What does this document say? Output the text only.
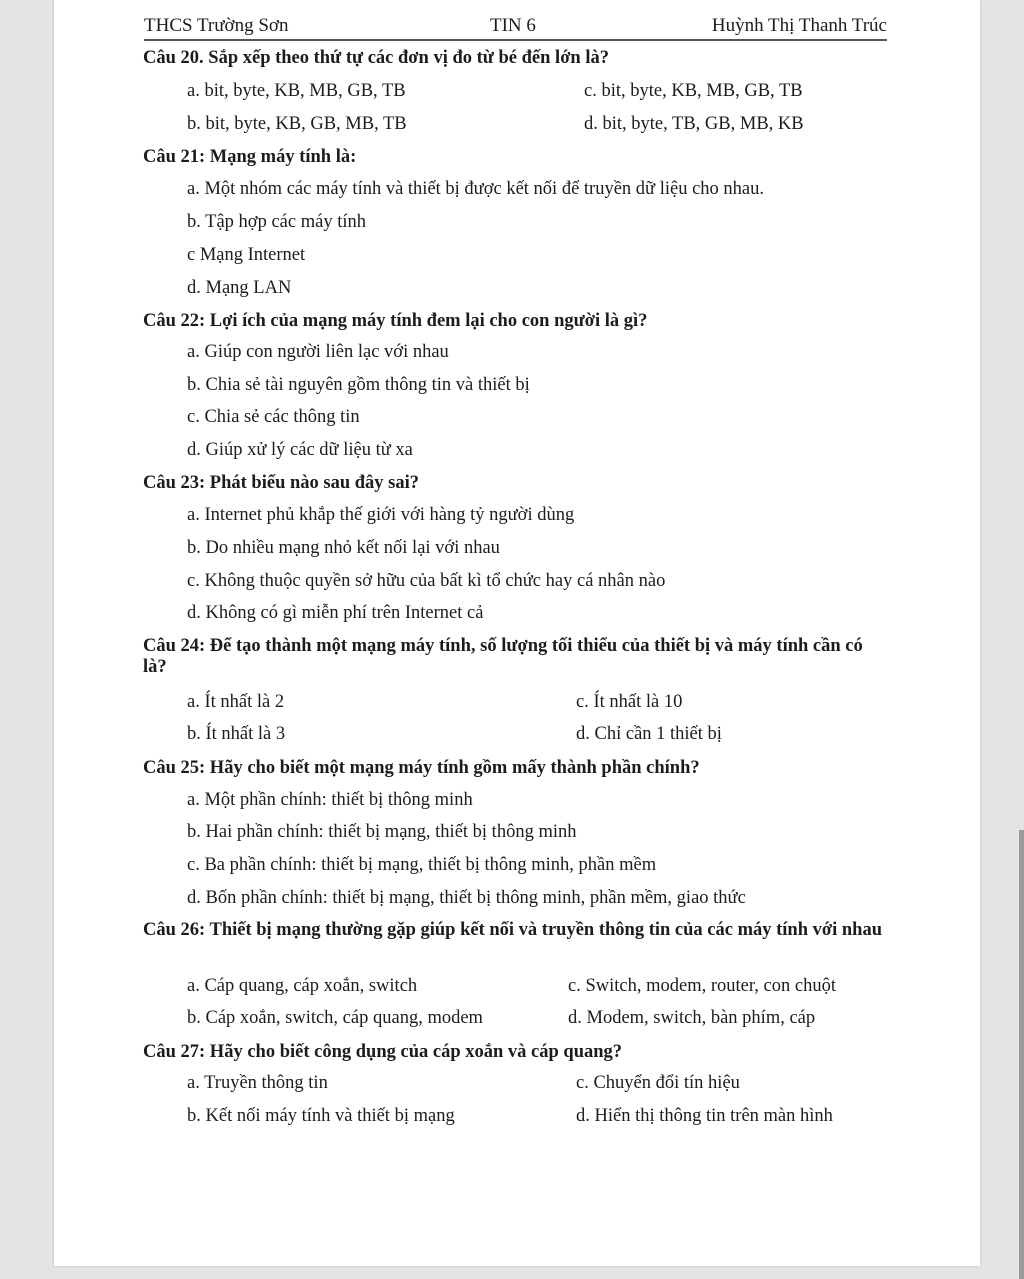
THCS Trường Sơn	TIN 6	Huỳnh Thị Thanh Trúc
Câu 20. Sắp xếp theo thứ tự các đơn vị đo từ bé đến lớn là?
a. bit, byte, KB, MB, GB, TB	c. bit, byte, KB, MB, GB, TB
b. bit, byte, KB, GB, MB, TB	d. bit, byte, TB, GB, MB, KB
Câu 21: Mạng máy tính là:
a. Một nhóm các máy tính và thiết bị được kết nối để truyền dữ liệu cho nhau.
b. Tập hợp các máy tính
c Mạng Internet
d. Mạng LAN
Câu 22: Lợi ích của mạng máy tính đem lại cho con người là gì?
a. Giúp con người liên lạc với nhau
b. Chia sẻ tài nguyên gồm thông tin và thiết bị
c. Chia sẻ các thông tin
d. Giúp xử lý các dữ liệu từ xa
Câu 23: Phát biểu nào sau đây sai?
a. Internet phủ khắp thế giới với hàng tỷ người dùng
b. Do nhiều mạng nhỏ kết nối lại với nhau
c. Không thuộc quyền sở hữu của bất kì tổ chức hay cá nhân nào
d. Không có gì miễn phí trên Internet cả
Câu 24: Để tạo thành một mạng máy tính, số lượng tối thiểu của thiết bị và máy tính cần có là?
a. Ít nhất là 2	c. Ít nhất là 10
b. Ít nhất là 3	d. Chỉ cần 1 thiết bị
Câu 25: Hãy cho biết một mạng máy tính gồm mấy thành phần chính?
a. Một phần chính: thiết bị thông minh
b. Hai phần chính: thiết bị mạng, thiết bị thông minh
c. Ba phần chính: thiết bị mạng, thiết bị thông minh, phần mềm
d. Bốn phần chính: thiết bị mạng, thiết bị thông minh, phần mềm, giao thức
Câu 26: Thiết bị mạng thường gặp giúp kết nối và truyền thông tin của các máy tính với nhau
a. Cáp quang, cáp xoắn, switch	c. Switch, modem, router, con chuột
b. Cáp xoắn, switch, cáp quang, modem	d. Modem, switch, bàn phím, cáp
Câu 27: Hãy cho biết công dụng của cáp xoắn và cáp quang?
a. Truyền thông tin	c. Chuyển đổi tín hiệu
b. Kết nối máy tính và thiết bị mạng	d. Hiển thị thông tin trên màn hình
